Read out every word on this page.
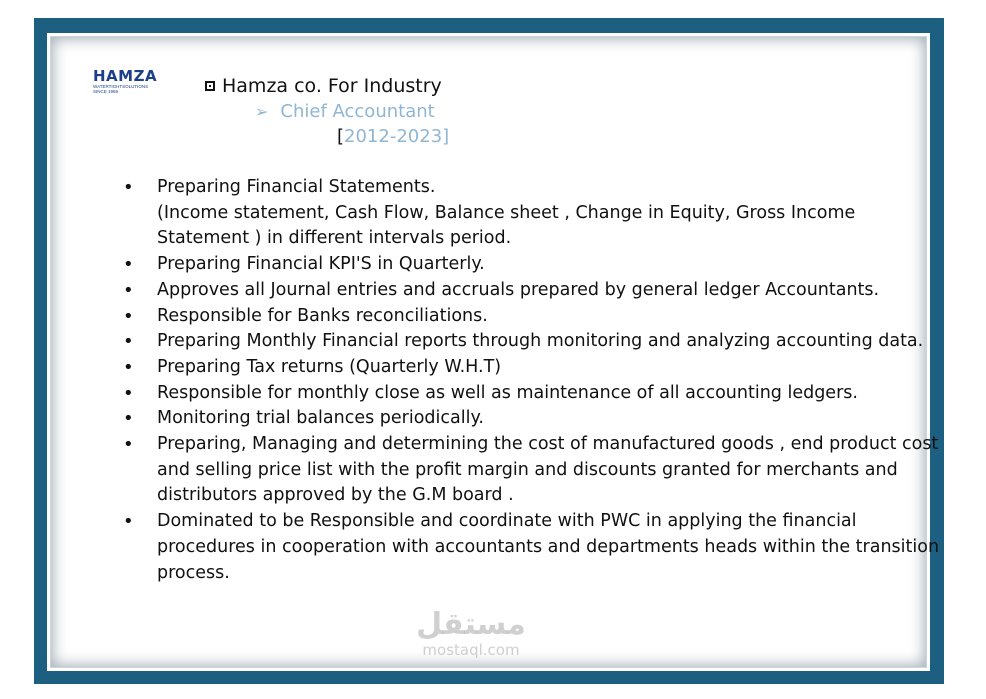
HAMZA
WATERTIGHTSOLUTIONS
SINCE 1969	Hamza co. For Industry
➢ Chief Accountant
[2012-2023]
• Preparing Financial Statements.
(Income statement, Cash Flow, Balance sheet , Change in Equity, Gross Income Statement ) in different intervals period.
• Preparing Financial KPI'S in Quarterly.
• Approves all Journal entries and accruals prepared by general ledger Accountants.
• Responsible for Banks reconciliations.
• Preparing Monthly Financial reports through monitoring and analyzing accounting data.
• Preparing Tax returns (Quarterly W.H.T)
• Responsible for monthly close as well as maintenance of all accounting ledgers.
• Monitoring trial balances periodically.
• Preparing, Managing and determining the cost of manufactured goods , end product cost and selling price list with the profit margin and discounts granted for merchants and distributors approved by the G.M board .
• Dominated to be Responsible and coordinate with PWC in applying the financial procedures in cooperation with accountants and departments heads within the transition process.
مستقل
mostaql.com
